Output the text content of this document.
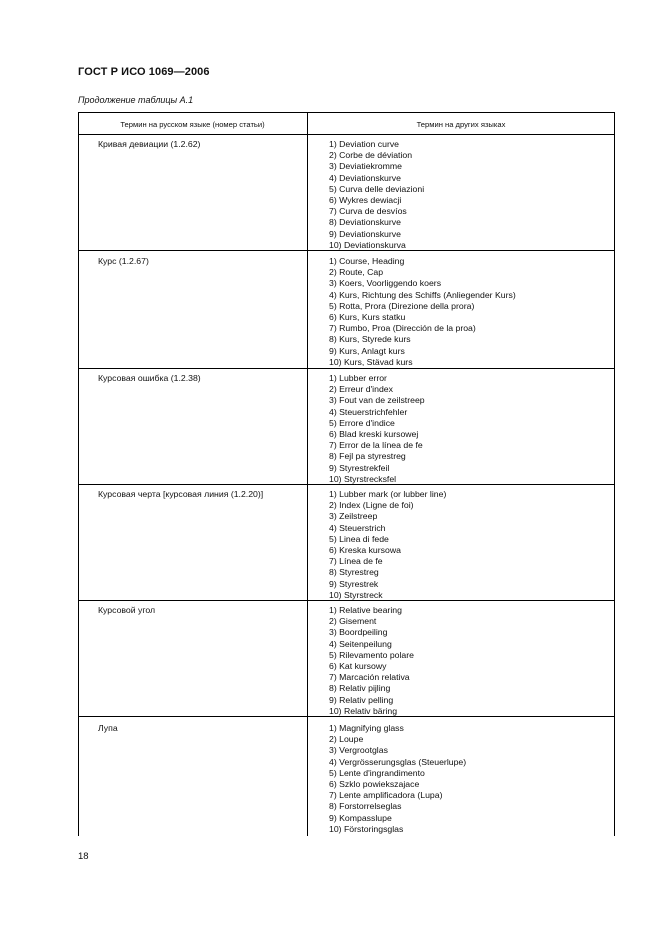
ГОСТ Р ИСО 1069—2006
Продолжение таблицы А.1
Термин на русском языке (номер статьи)	Термин на других языках
Кривая девиации (1.2.62)	1) Deviation curve
2) Corbe de déviation
3) Deviatiekromme
4) Deviationskurve
5) Curva delle deviazioni
6) Wykres dewiacji
7) Curva de desvíos
8) Deviationskurve
9) Deviationskurve
10) Deviationskurva
Курс (1.2.67)	1) Course, Heading
2) Route, Cap
3) Koers, Voorliggendo koers
4) Kurs, Richtung des Schiffs (Anliegender Kurs)
5) Rotta, Prora (Direzione della prora)
6) Kurs, Kurs statku
7) Rumbo, Proa (Dirección de la proa)
8) Kurs, Styrede kurs
9) Kurs, Anlagt kurs
10) Kurs, Stävad kurs
Курсовая ошибка (1.2.38)	1) Lubber error
2) Erreur d'index
3) Fout van de zeilstreep
4) Steuerstrichfehler
5) Errore d'indice
6) Blad kreski kursowej
7) Error de la línea de fe
8) Fejl pa styrestreg
9) Styrestrekfeil
10) Styrstrecksfel
Курсовая черта [курсовая линия (1.2.20)]	1) Lubber mark (or lubber line)
2) Index (Ligne de foi)
3) Zeilstreep
4) Steuerstrich
5) Linea di fede
6) Kreska kursowa
7) Línea de fe
8) Styrestreg
9) Styrestrek
10) Styrstreck
Курсовой угол	1) Relative bearing
2) Gisement
3) Boordpeiling
4) Seitenpeilung
5) Rilevamento polare
6) Kat kursowy
7) Marcación relativa
8) Relativ pijling
9) Relativ pelling
10) Relativ bäring
Лупа	1) Magnifying glass
2) Loupe
3) Vergrootglas
4) Vergrösserungsglas (Steuerlupe)
5) Lente d'ingrandimento
6) Szklo powiekszajace
7) Lente amplificadora (Lupa)
8) Forstorrelseglas
9) Kompasslupe
10) Förstoringsglas
18
